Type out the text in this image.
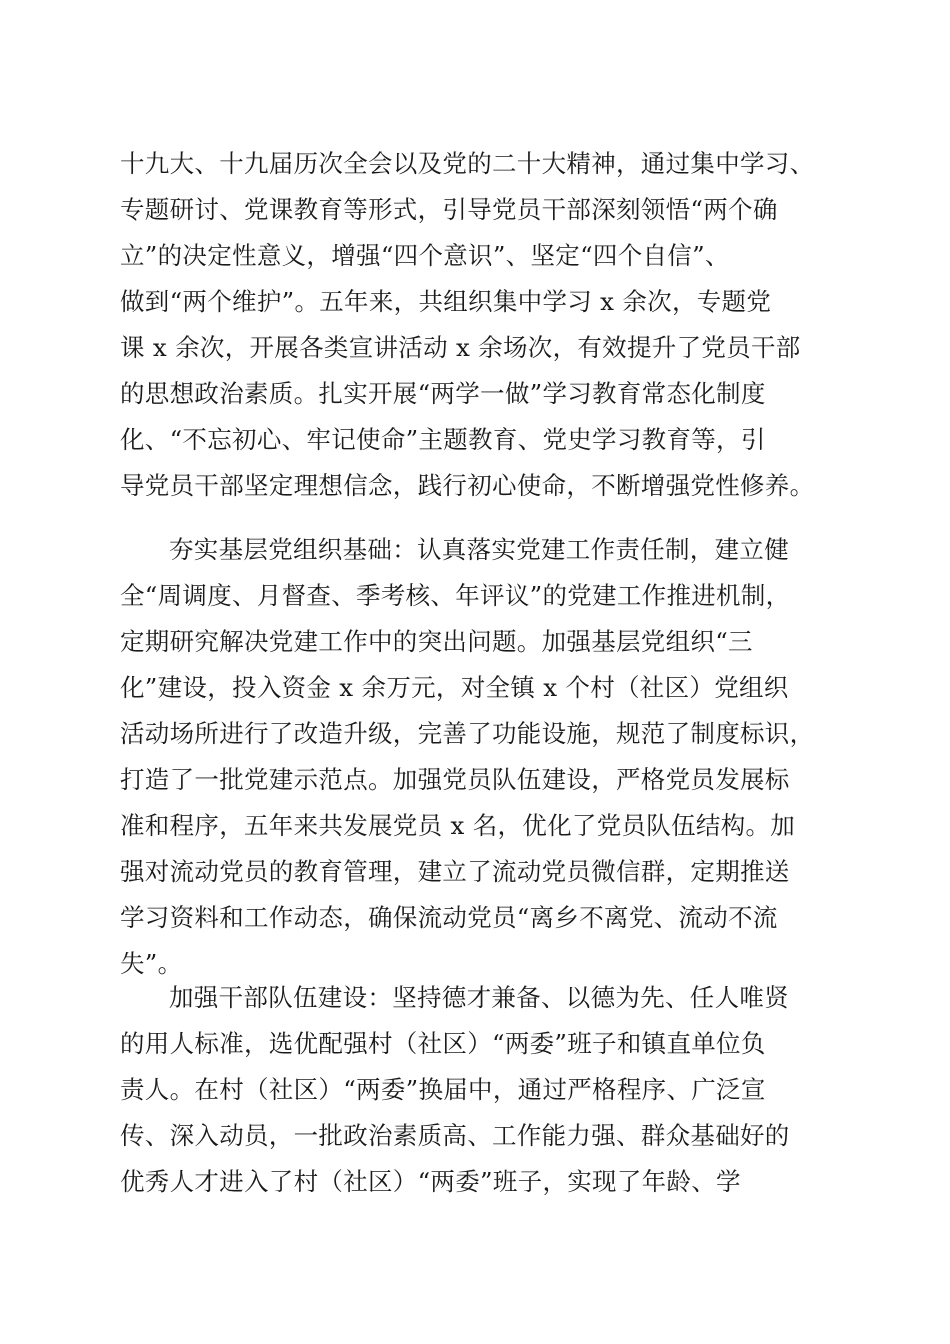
十九大、十九届历次全会以及党的二十大精神，通过集中学习、
专题研讨、党课教育等形式，引导党员干部深刻领悟“两个确
立”的决定性意义，增强“四个意识”、坚定“四个自信”、
做到“两个维护”。五年来，共组织集中学习 x 余次，专题党
课 x 余次，开展各类宣讲活动 x 余场次，有效提升了党员干部
的思想政治素质。扎实开展“两学一做”学习教育常态化制度
化、“不忘初心、牢记使命”主题教育、党史学习教育等，引
导党员干部坚定理想信念，践行初心使命，不断增强党性修养。
夯实基层党组织基础：认真落实党建工作责任制，建立健
全“周调度、月督查、季考核、年评议”的党建工作推进机制，
定期研究解决党建工作中的突出问题。加强基层党组织“三
化”建设，投入资金 x 余万元，对全镇 x 个村（社区）党组织
活动场所进行了改造升级，完善了功能设施，规范了制度标识，
打造了一批党建示范点。加强党员队伍建设，严格党员发展标
准和程序，五年来共发展党员 x 名，优化了党员队伍结构。加
强对流动党员的教育管理，建立了流动党员微信群，定期推送
学习资料和工作动态，确保流动党员“离乡不离党、流动不流
失”。
加强干部队伍建设：坚持德才兼备、以德为先、任人唯贤
的用人标准，选优配强村（社区）“两委”班子和镇直单位负
责人。在村（社区）“两委”换届中，通过严格程序、广泛宣
传、深入动员，一批政治素质高、工作能力强、群众基础好的
优秀人才进入了村（社区）“两委”班子，实现了年龄、学
